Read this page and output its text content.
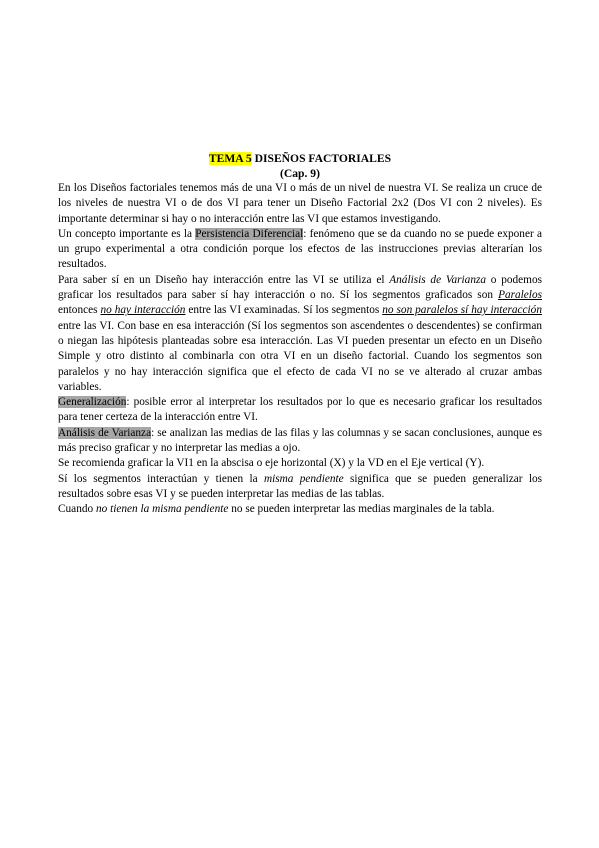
TEMA 5 DISEÑOS FACTORIALES
(Cap. 9)

En los Diseños factoriales tenemos más de una VI o más de un nivel de nuestra VI. Se realiza un cruce de los niveles de nuestra VI o de dos VI para tener un Diseño Factorial 2x2 (Dos VI con 2 niveles). Es importante determinar si hay o no interacción entre las VI que estamos investigando.

Un concepto importante es la Persistencia Diferencial: fenómeno que se da cuando no se puede exponer a un grupo experimental a otra condición porque los efectos de las instrucciones previas alterarían los resultados.

Para saber sí en un Diseño hay interacción entre las VI se utiliza el Análisis de Varianza o podemos graficar los resultados para saber sí hay interacción o no. Sí los segmentos graficados son Paralelos entonces no hay interacción entre las VI examinadas. Sí los segmentos no son paralelos sí hay interacción entre las VI. Con base en esa interacción (Sí los segmentos son ascendentes o descendentes) se confirman o niegan las hipótesis planteadas sobre esa interacción. Las VI pueden presentar un efecto en un Diseño Simple y otro distinto al combinarla con otra VI en un diseño factorial. Cuando los segmentos son paralelos y no hay interacción significa que el efecto de cada VI no se ve alterado al cruzar ambas variables.

Generalización: posible error al interpretar los resultados por lo que es necesario graficar los resultados para tener certeza de la interacción entre VI.

Análisis de Varianza: se analizan las medias de las filas y las columnas y se sacan conclusiones, aunque es más preciso graficar y no interpretar las medias a ojo.

Se recomienda graficar la VI1 en la abscisa o eje horizontal (X) y la VD en el Eje vertical (Y).

Sí los segmentos interactúan y tienen la misma pendiente significa que se pueden generalizar los resultados sobre esas VI y se pueden interpretar las medias de las tablas.

Cuando no tienen la misma pendiente no se pueden interpretar las medias marginales de la tabla.
